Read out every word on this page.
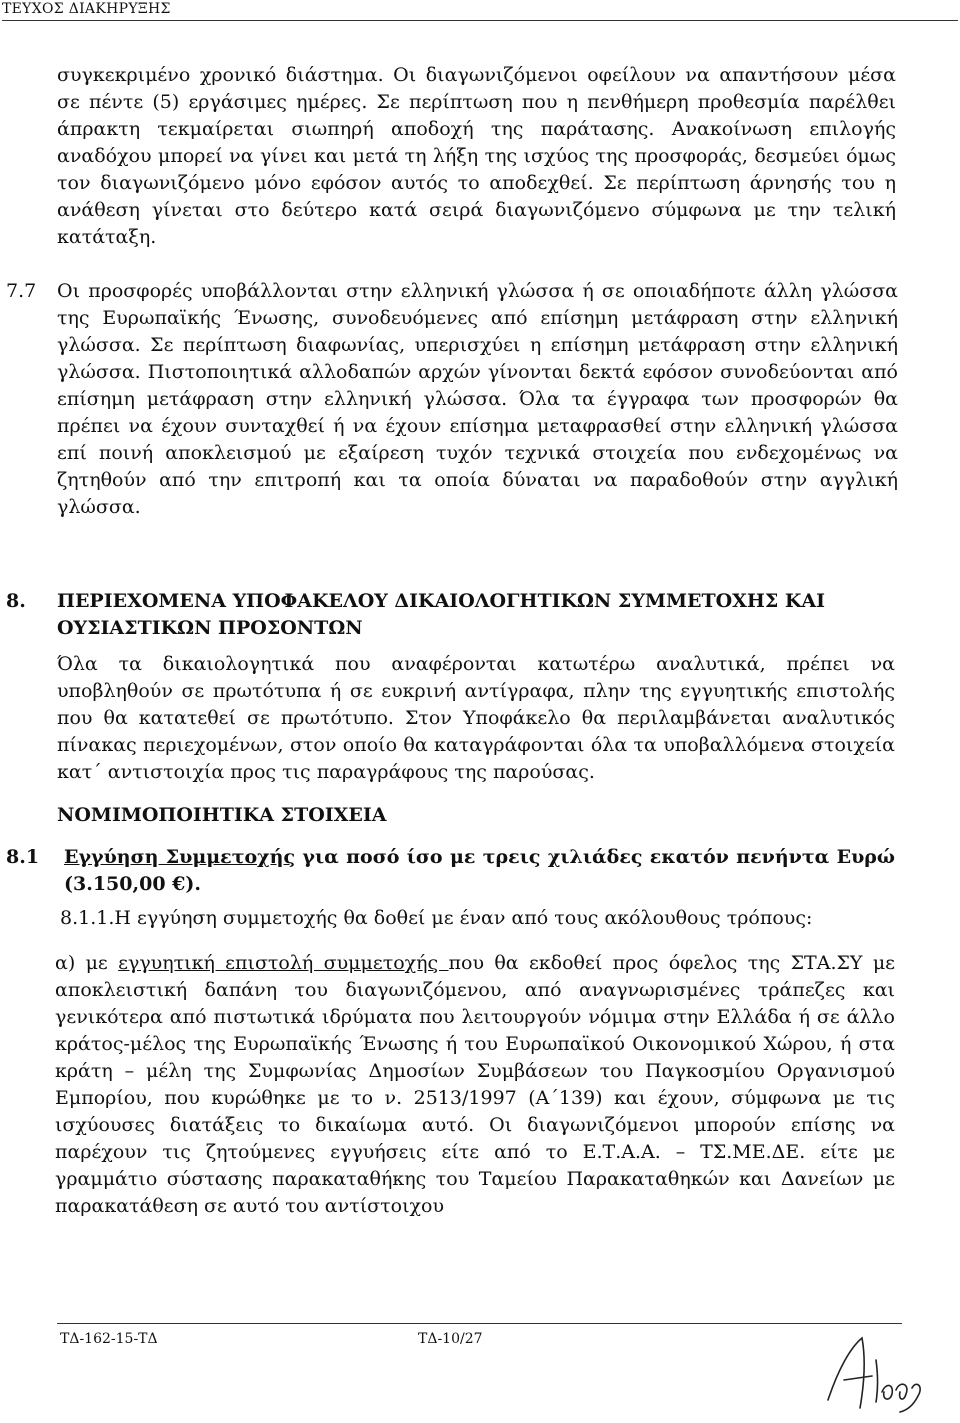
ΤΕΥΧΟΣ ΔΙΑΚΗΡΥΞΗΣ

συγκεκριμένο χρονικό διάστημα. Οι διαγωνιζόμενοι οφείλουν να απαντήσουν μέσα σε πέντε (5) εργάσιμες ημέρες. Σε περίπτωση που η πενθήμερη προθεσμία παρέλθει άπρακτη τεκμαίρεται σιωπηρή αποδοχή της παράτασης. Ανακοίνωση επιλογής αναδόχου μπορεί να γίνει και μετά τη λήξη της ισχύος της προσφοράς, δεσμεύει όμως τον διαγωνιζόμενο μόνο εφόσον αυτός το αποδεχθεί. Σε περίπτωση άρνησής του η ανάθεση γίνεται στο δεύτερο κατά σειρά διαγωνιζόμενο σύμφωνα με την τελική κατάταξη.

7.7 Οι προσφορές υποβάλλονται στην ελληνική γλώσσα ή σε οποιαδήποτε άλλη γλώσσα της Ευρωπαϊκής Ένωσης, συνοδευόμενες από επίσημη μετάφραση στην ελληνική γλώσσα. Σε περίπτωση διαφωνίας, υπερισχύει η επίσημη μετάφραση στην ελληνική γλώσσα. Πιστοποιητικά αλλοδαπών αρχών γίνονται δεκτά εφόσον συνοδεύονται από επίσημη μετάφραση στην ελληνική γλώσσα. Όλα τα έγγραφα των προσφορών θα πρέπει να έχουν συνταχθεί ή να έχουν επίσημα μεταφρασθεί στην ελληνική γλώσσα επί ποινή αποκλεισμού με εξαίρεση τυχόν τεχνικά στοιχεία που ενδεχομένως να ζητηθούν από την επιτροπή και τα οποία δύναται να παραδοθούν στην αγγλική γλώσσα.

8. ΠΕΡΙΕΧΟΜΕΝΑ ΥΠΟΦΑΚΕΛΟΥ ΔΙΚΑΙΟΛΟΓΗΤΙΚΩΝ ΣΥΜΜΕΤΟΧΗΣ ΚΑΙ
ΟΥΣΙΑΣΤΙΚΩΝ ΠΡΟΣΟΝΤΩΝ

Όλα τα δικαιολογητικά που αναφέρονται κατωτέρω αναλυτικά, πρέπει να υποβληθούν σε πρωτότυπα ή σε ευκρινή αντίγραφα, πλην της εγγυητικής επιστολής που θα κατατεθεί σε πρωτότυπο. Στον Υποφάκελο θα περιλαμβάνεται αναλυτικός πίνακας περιεχομένων, στον οποίο θα καταγράφονται όλα τα υποβαλλόμενα στοιχεία κατ΄ αντιστοιχία προς τις παραγράφους της παρούσας.

ΝΟΜΙΜΟΠΟΙΗΤΙΚΑ ΣΤΟΙΧΕΙΑ
8.1 Εγγύηση Συμμετοχής για ποσό ίσο με τρεις χιλιάδες εκατόν πενήντα Ευρώ (3.150,00 €).

8.1.1.Η εγγύηση συμμετοχής θα δοθεί με έναν από τους ακόλουθους τρόπους:

α) με εγγυητική επιστολή συμμετοχής που θα εκδοθεί προς όφελος της ΣΤΑ.ΣΥ με αποκλειστική δαπάνη του διαγωνιζόμενου, από αναγνωρισμένες τράπεζες και γενικότερα από πιστωτικά ιδρύματα που λειτουργούν νόμιμα στην Ελλάδα ή σε άλλο κράτος-μέλος της Ευρωπαϊκής Ένωσης ή του Ευρωπαϊκού Οικονομικού Χώρου, ή στα κράτη – μέλη της Συμφωνίας Δημοσίων Συμβάσεων του Παγκοσμίου Οργανισμού Εμπορίου, που κυρώθηκε με το ν. 2513/1997 (Α΄139) και έχουν, σύμφωνα με τις ισχύουσες διατάξεις το δικαίωμα αυτό. Οι διαγωνιζόμενοι μπορούν επίσης να παρέχουν τις ζητούμενες εγγυήσεις είτε από το Ε.Τ.Α.Α. – ΤΣ.ΜΕ.ΔΕ. είτε με γραμμάτιο σύστασης παρακαταθήκης του Ταμείου Παρακαταθηκών και Δανείων με παρακατάθεση σε αυτό του αντίστοιχου

ΤΔ-162-15-ΤΔ	ΤΔ-10/27
